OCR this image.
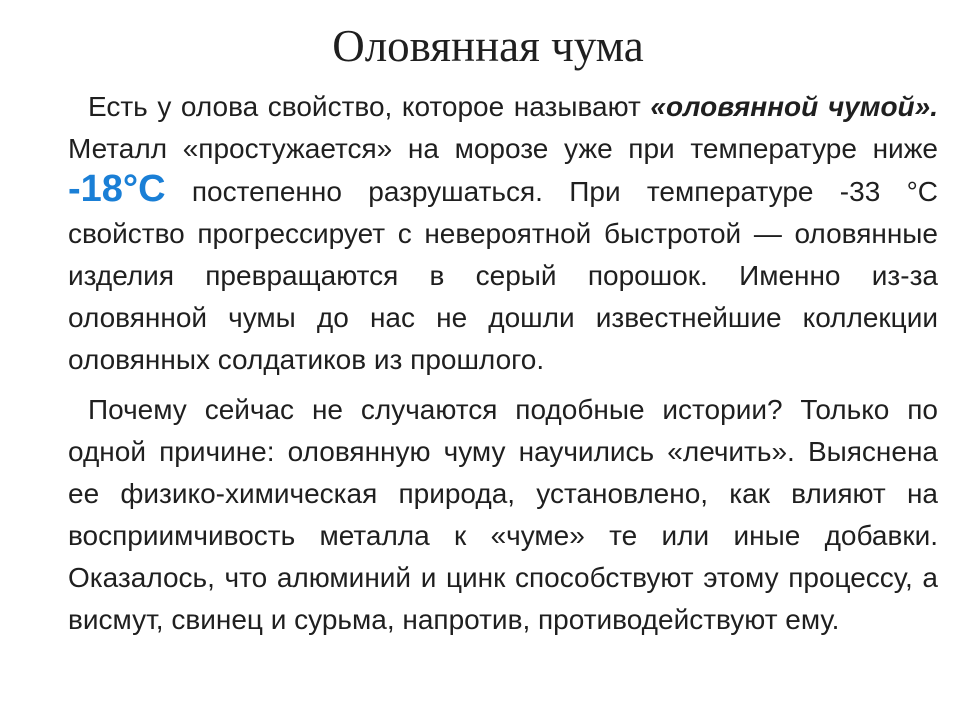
Оловянная чума

Есть у олова свойство, которое называют «оловянной чумой». Металл «простужается» на морозе уже при температуре ниже -18°С постепенно разрушаться. При температуре -33 °С свойство прогрессирует с невероятной быстротой — оловянные изделия превращаются в серый порошок. Именно из-за оловянной чумы до нас не дошли известнейшие коллекции оловянных солдатиков из прошлого.

Почему сейчас не случаются подобные истории? Только по одной причине: оловянную чуму научились «лечить». Выяснена ее физико-химическая природа, установлено, как влияют на восприимчивость металла к «чуме» те или иные добавки. Оказалось, что алюминий и цинк способствуют этому процессу, а висмут, свинец и сурьма, напротив, противодействуют ему.
